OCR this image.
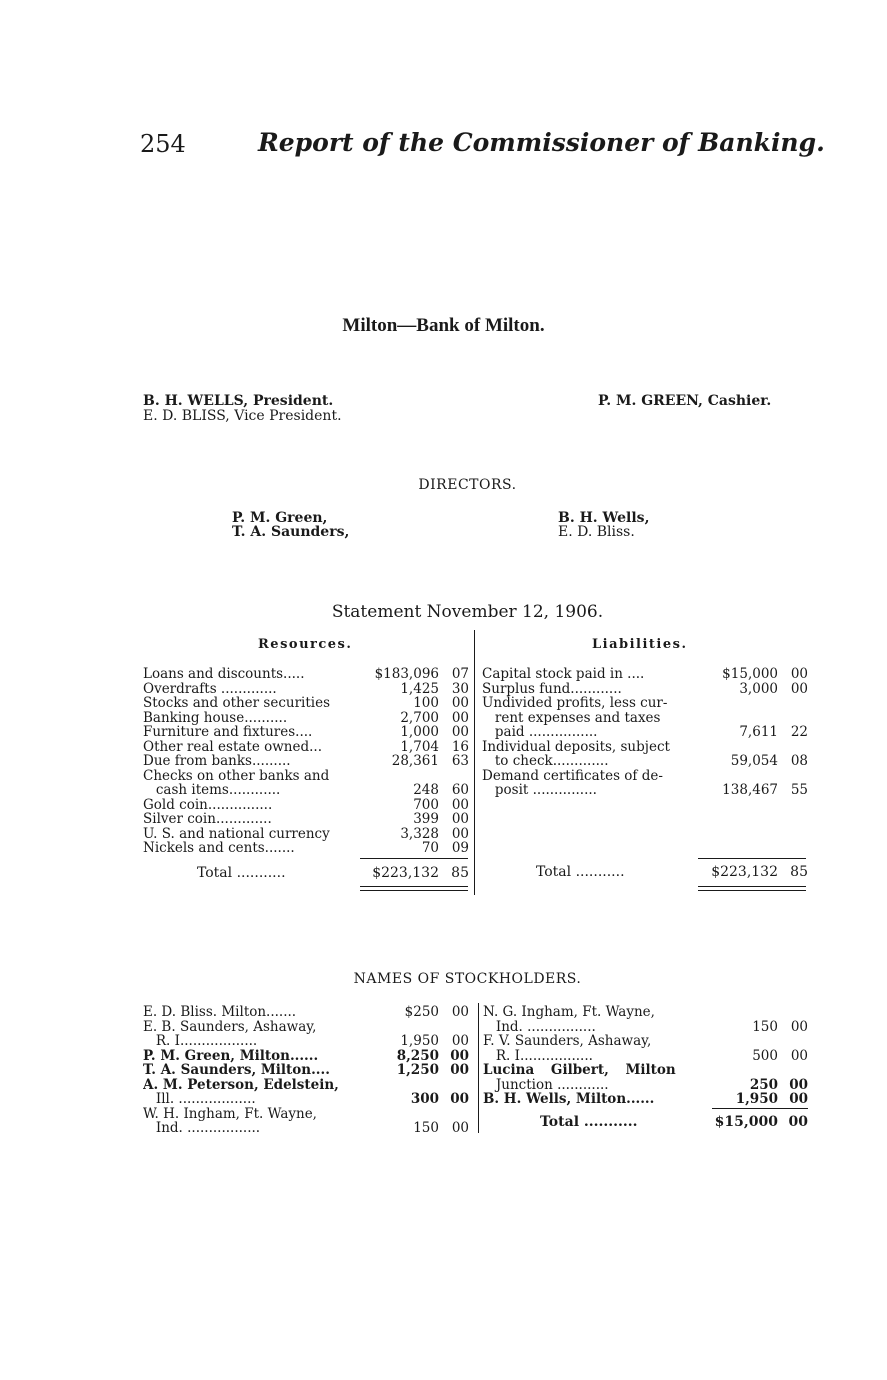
254	Report of the Commissioner of Banking.
Milton—Bank of Milton.
B. H. WELLS, President.
E. D. BLISS, Vice President.
P. M. GREEN, Cashier.
DIRECTORS.
P. M. Green,
T. A. Saunders,
B. H. Wells,
E. D. Bliss.
Statement November 12, 1906.
Resources.	Liabilities.
Loans and discounts.....	$183,096 07
Overdrafts .............	1,425 30
Stocks and other securities	100 00
Banking house..........	2,700 00
Furniture and fixtures....	1,000 00
Other real estate owned...	1,704 16
Due from banks.........	28,361 63
Checks on other banks and
cash items............	248 60
Gold coin...............	700 00
Silver coin.............	399 00
U. S. and national currency	3,328 00
Nickels and cents.......	70 09
Total ...........	$223,132 85
Capital stock paid in ....	$15,000 00
Surplus fund............	3,000 00
Undivided profits, less cur-
rent expenses and taxes
paid ................	7,611 22
Individual deposits, subject
to check.............	59,054 08
Demand certificates of de-
posit ...............	138,467 55
Total ...........	$223,132 85
NAMES OF STOCKHOLDERS.
E. D. Bliss. Milton.......	$250 00
E. B. Saunders, Ashaway,
R. I..................	1,950 00
P. M. Green, Milton......	8,250 00
T. A. Saunders, Milton....	1,250 00
A. M. Peterson, Edelstein,
Ill. ..................	300 00
W. H. Ingham, Ft. Wayne,
Ind. .................	150 00
N. G. Ingham, Ft. Wayne,
Ind. ................	150 00
F. V. Saunders, Ashaway,
R. I.................	500 00
Lucina Gilbert, Milton
Junction ............	250 00
B. H. Wells, Milton......	1,950 00
Total ...........	$15,000 00
